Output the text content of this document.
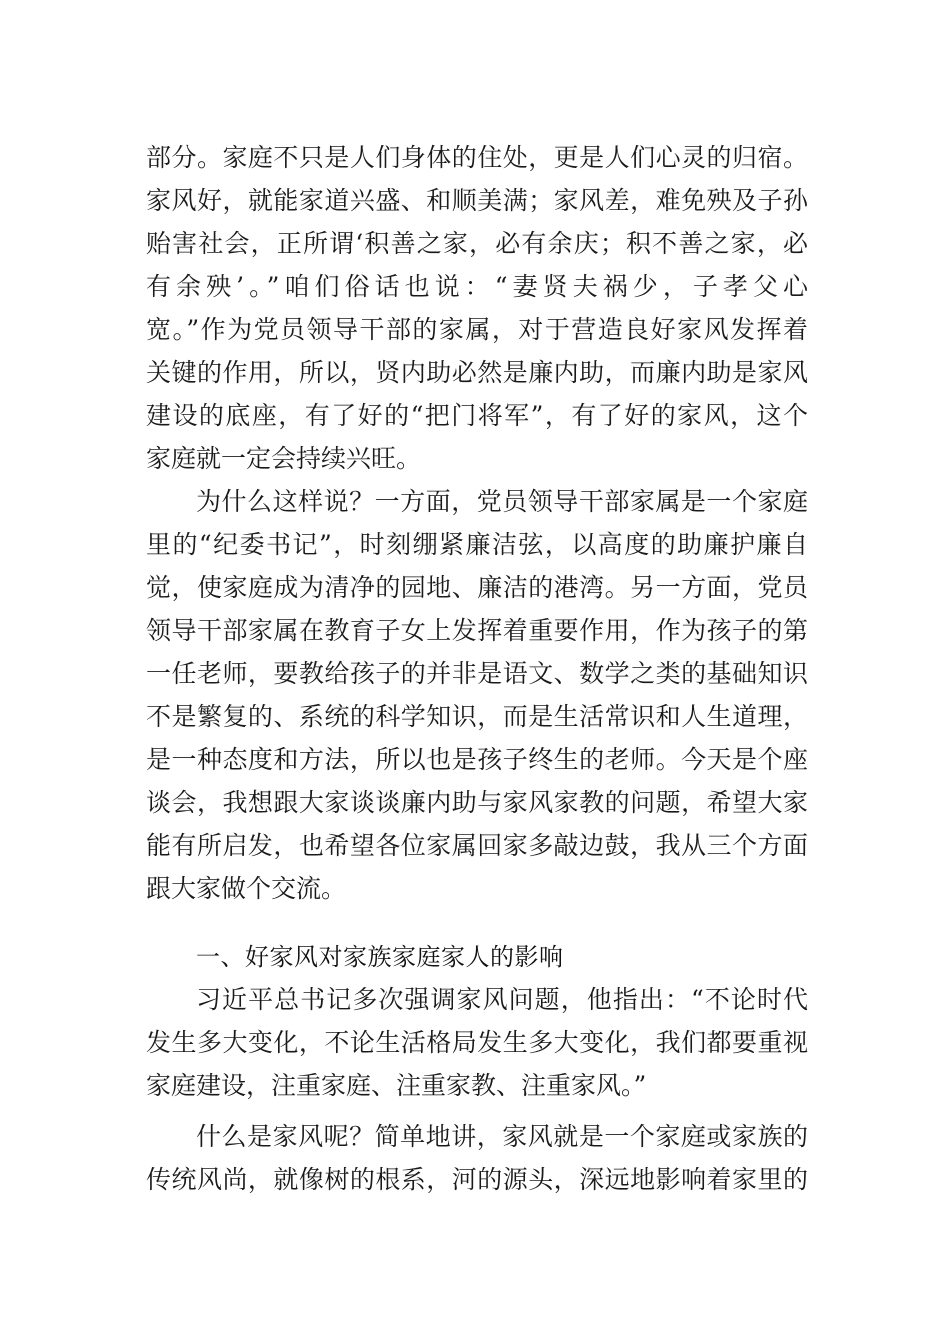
部分。家庭不只是人们身体的住处，更是人们心灵的归宿。
家风好，就能家道兴盛、和顺美满；家风差，难免殃及子孙
贻害社会，正所谓‘积善之家，必有余庆；积不善之家，必
有余殃’。”咱们俗话也说：“妻贤夫祸少，子孝父心
宽。”作为党员领导干部的家属，对于营造良好家风发挥着
关键的作用，所以，贤内助必然是廉内助，而廉内助是家风
建设的底座，有了好的“把门将军”，有了好的家风，这个
家庭就一定会持续兴旺。
为什么这样说？一方面，党员领导干部家属是一个家庭
里的“纪委书记”，时刻绷紧廉洁弦，以高度的助廉护廉自
觉，使家庭成为清净的园地、廉洁的港湾。另一方面，党员
领导干部家属在教育子女上发挥着重要作用，作为孩子的第
一任老师，要教给孩子的并非是语文、数学之类的基础知识
不是繁复的、系统的科学知识，而是生活常识和人生道理，
是一种态度和方法，所以也是孩子终生的老师。今天是个座
谈会，我想跟大家谈谈廉内助与家风家教的问题，希望大家
能有所启发，也希望各位家属回家多敲边鼓，我从三个方面
跟大家做个交流。
一、好家风对家族家庭家人的影响
习近平总书记多次强调家风问题，他指出：“不论时代
发生多大变化，不论生活格局发生多大变化，我们都要重视
家庭建设，注重家庭、注重家教、注重家风。”
什么是家风呢？简单地讲，家风就是一个家庭或家族的
传统风尚，就像树的根系，河的源头，深远地影响着家里的
